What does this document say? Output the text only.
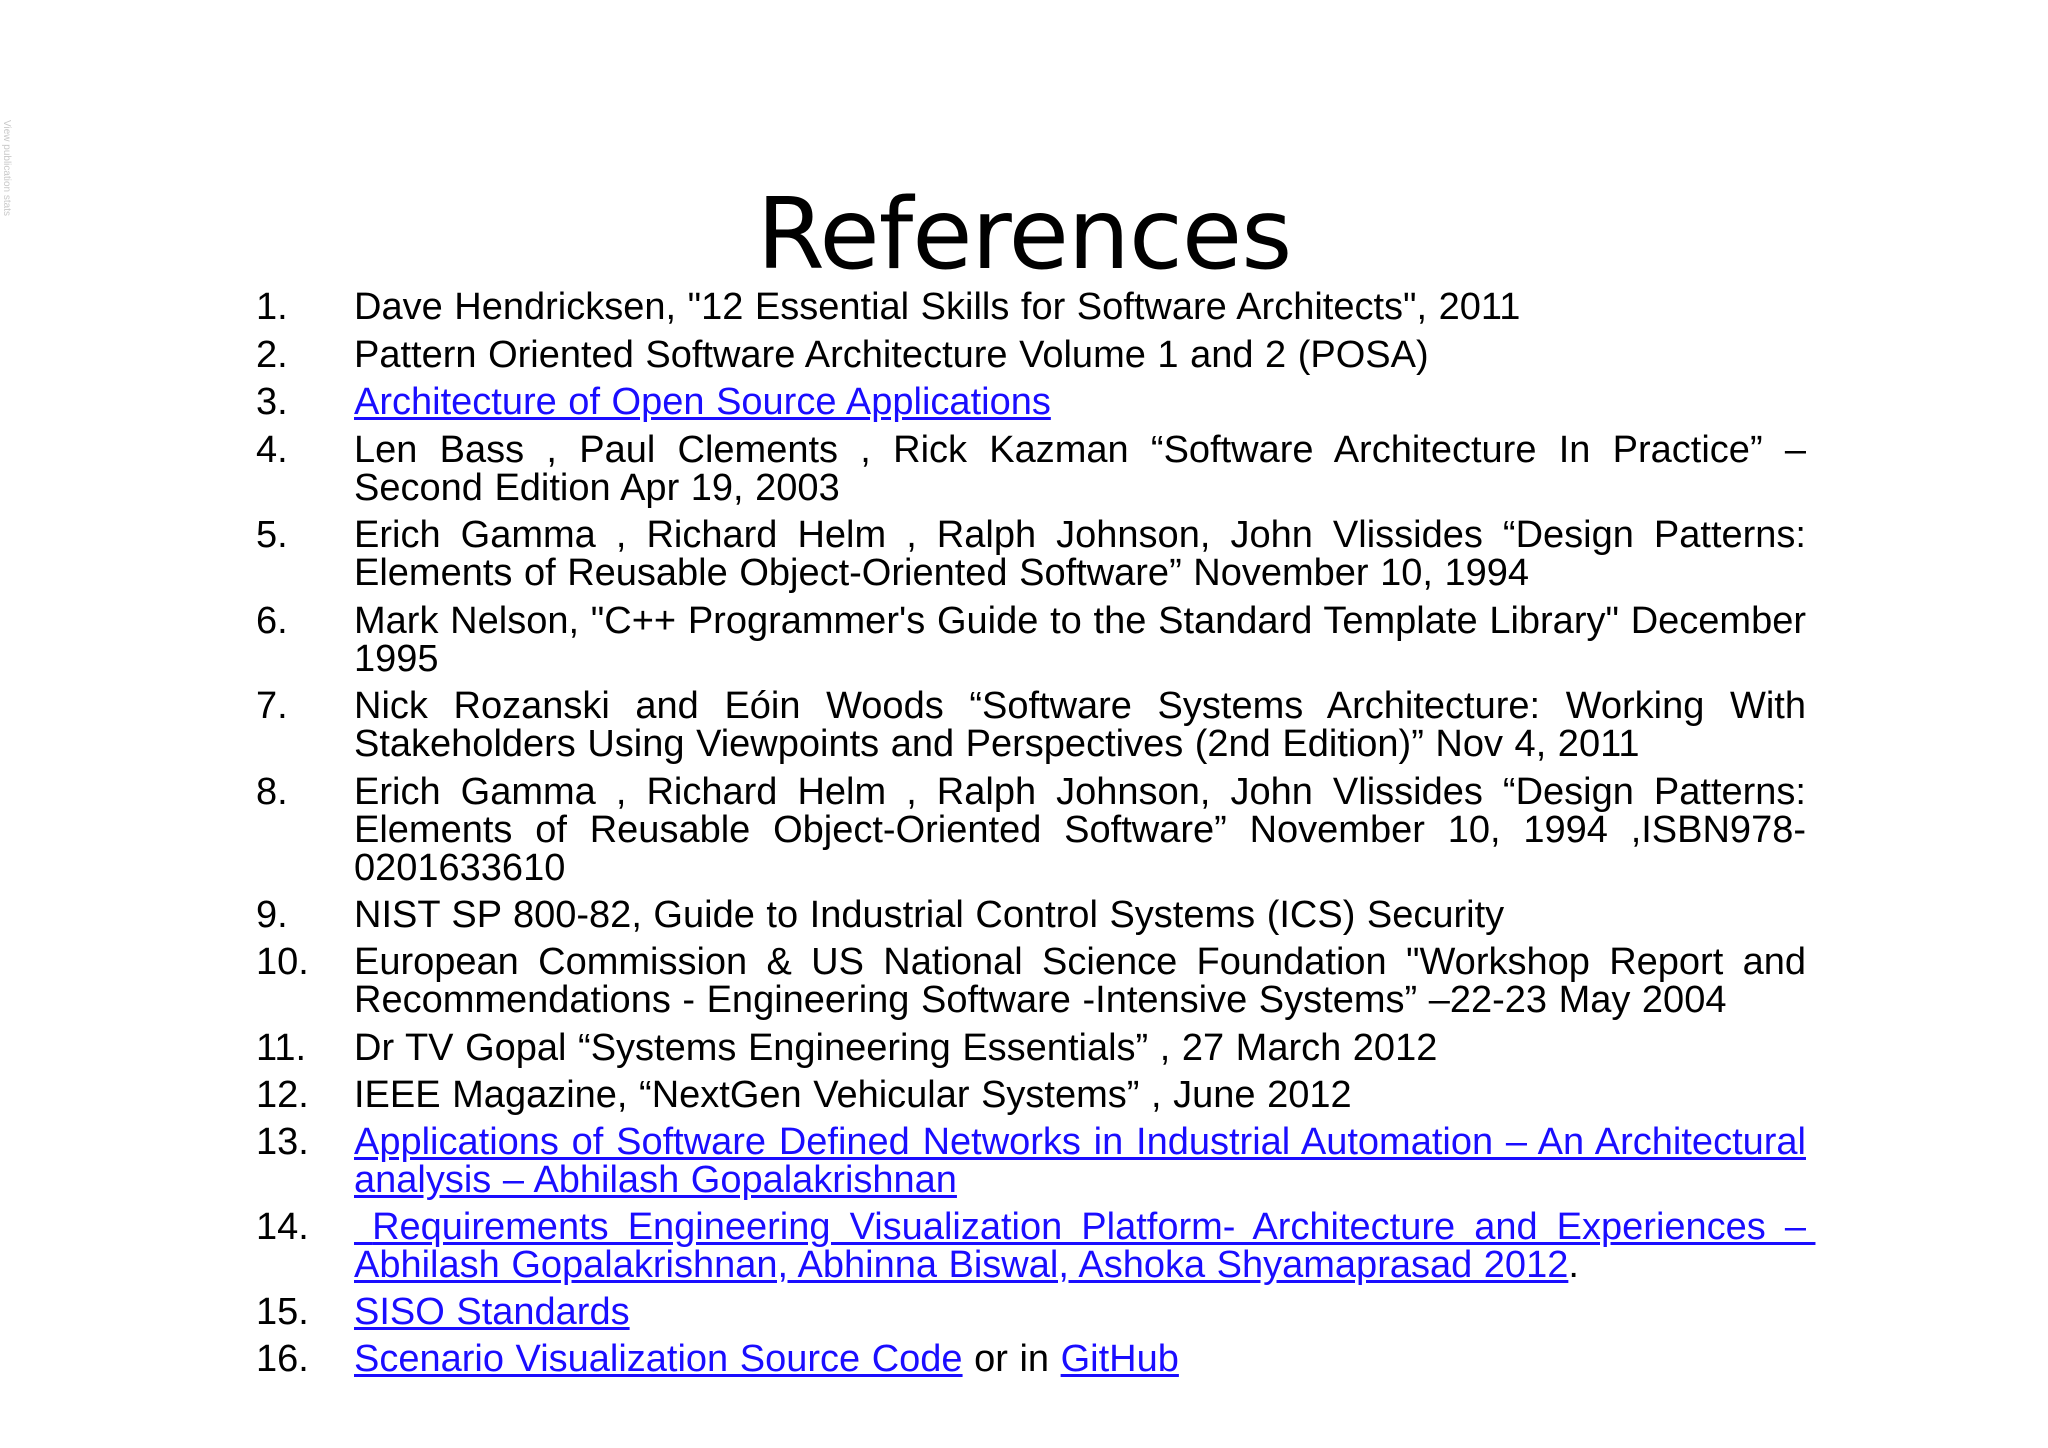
View publication stats
References
1. Dave Hendricksen, "12 Essential Skills for Software Architects", 2011
2. Pattern Oriented Software Architecture Volume 1 and 2 (POSA)
3. Architecture of Open Source Applications
4. Len Bass , Paul Clements , Rick Kazman “Software Architecture In Practice” – Second Edition Apr 19, 2003
5. Erich Gamma , Richard Helm , Ralph Johnson, John Vlissides “Design Patterns: Elements of Reusable Object-Oriented Software” November 10, 1994
6. Mark Nelson, "C++ Programmer's Guide to the Standard Template Library" December 1995
7. Nick Rozanski and Eóin Woods “Software Systems Architecture: Working With Stakeholders Using Viewpoints and Perspectives (2nd Edition)” Nov 4, 2011
8. Erich Gamma , Richard Helm , Ralph Johnson, John Vlissides “Design Patterns: Elements of Reusable Object-Oriented Software” November 10, 1994 ,ISBN978-0201633610
9. NIST SP 800-82, Guide to Industrial Control Systems (ICS) Security
10. European Commission & US National Science Foundation "Workshop Report and Recommendations - Engineering Software -Intensive Systems” –22-23 May 2004
11. Dr TV Gopal “Systems Engineering Essentials” , 27 March 2012
12. IEEE Magazine, “NextGen Vehicular Systems” , June 2012
13. Applications of Software Defined Networks in Industrial Automation – An Architectural analysis – Abhilash Gopalakrishnan
14. Requirements Engineering Visualization Platform- Architecture and Experiences – Abhilash Gopalakrishnan, Abhinna Biswal, Ashoka Shyamaprasad 2012.
15. SISO Standards
16. Scenario Visualization Source Code or in GitHub
